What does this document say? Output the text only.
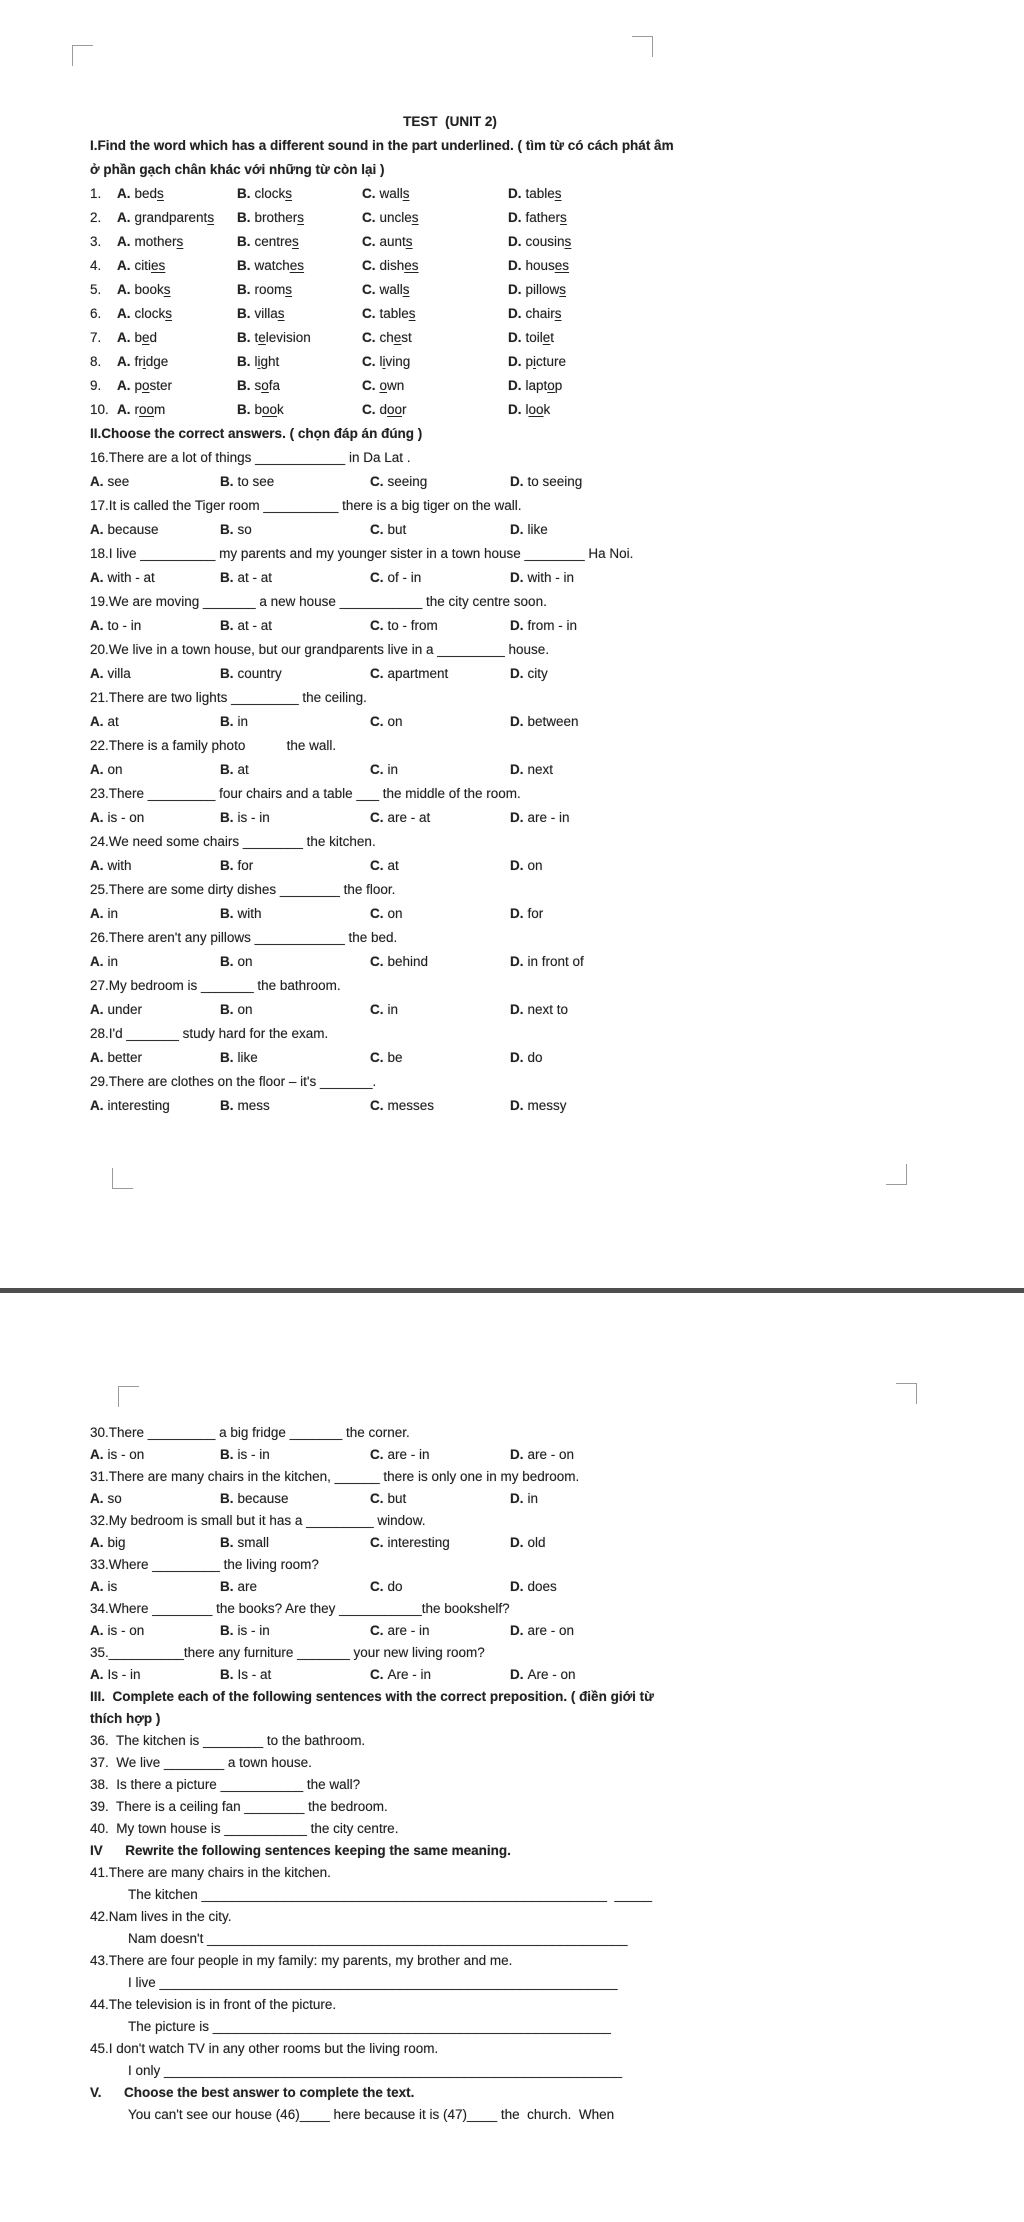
TEST  (UNIT 2)
I.Find the word which has a different sound in the part underlined. ( tìm từ có cách phát âm
ở phần gạch chân khác với những từ còn lại )
1.	A. beds	B. clocks	C. walls	D. tables
2.	A. grandparents	B. brothers	C. uncles	D. fathers
3.	A. mothers	B. centres	C. aunts	D. cousins
4.	A. cities	B. watches	C. dishes	D. houses
5.	A. books	B. rooms	C. walls	D. pillows
6.	A. clocks	B. villas	C. tables	D. chairs
7.	A. bed	B. television	C. chest	D. toilet
8.	A. fridge	B. light	C. living	D. picture
9.	A. poster	B. sofa	C. own	D. laptop
10. A. room	B. book	C. door	D. look
II.Choose the correct answers. ( chọn đáp án đúng )
16.There are a lot of things ____________ in Da Lat .
A. see	B. to see	C. seeing	D. to seeing
17.It is called the Tiger room __________ there is a big tiger on the wall.
A. because	B. so	C. but	D. like
18.I live __________ my parents and my younger sister in a town house ________ Ha Noi.
A. with - at	B. at - at	C. of - in	D. with - in
19.We are moving _______ a new house ___________ the city centre soon.
A. to - in	B. at - at	C. to - from	D. from - in
20.We live in a town house, but our grandparents live in a _________ house.
A. villa	B. country	C. apartment	D. city
21.There are two lights _________ the ceiling.
A. at	B. in	C. on	D. between
22.There is a family photo           the wall.
A. on	B. at	C. in	D. next
23.There _________ four chairs and a table ___ the middle of the room.
A. is - on	B. is - in	C. are - at	D. are - in
24.We need some chairs ________ the kitchen.
A. with	B. for	C. at	D. on
25.There are some dirty dishes ________ the floor.
A. in	B. with	C. on	D. for
26.There aren't any pillows ____________ the bed.
A. in	B. on	C. behind	D. in front of
27.My bedroom is _______ the bathroom.
A. under	B. on	C. in	D. next to
28.I'd _______ study hard for the exam.
A. better	B. like	C. be	D. do
29.There are clothes on the floor – it's _______.
A. interesting	B. mess	C. messes	D. messy
30.There _________ a big fridge _______ the corner.
A. is - on	B. is - in	C. are - in	D. are - on
31.There are many chairs in the kitchen, ______ there is only one in my bedroom.
A. so	B. because	C. but	D. in
32.My bedroom is small but it has a _________ window.
A. big	B. small	C. interesting	D. old
33.Where _________ the living room?
A. is	B. are	C. do	D. does
34.Where ________ the books? Are they ___________the bookshelf?
A. is - on	B. is - in	C. are - in	D. are - on
35.__________there any furniture _______ your new living room?
A. Is - in	B. Is - at	C. Are - in	D. Are - on
III.  Complete each of the following sentences with the correct preposition. ( điền giới từ
thích hợp )
36.  The kitchen is ________ to the bathroom.
37.  We live ________ a town house.
38.  Is there a picture ___________ the wall?
39.  There is a ceiling fan ________ the bedroom.
40.  My town house is ___________ the city centre.
IV      Rewrite the following sentences keeping the same meaning.
41.There are many chairs in the kitchen.
The kitchen ______________________________________________________  _____
42.Nam lives in the city.
Nam doesn't ________________________________________________________
43.There are four people in my family: my parents, my brother and me.
I live _____________________________________________________________
44.The television is in front of the picture.
The picture is _____________________________________________________
45.I don't watch TV in any other rooms but the living room.
I only _____________________________________________________________
V.      Choose the best answer to complete the text.
You can't see our house (46)____ here because it is (47)____ the  church.  When
